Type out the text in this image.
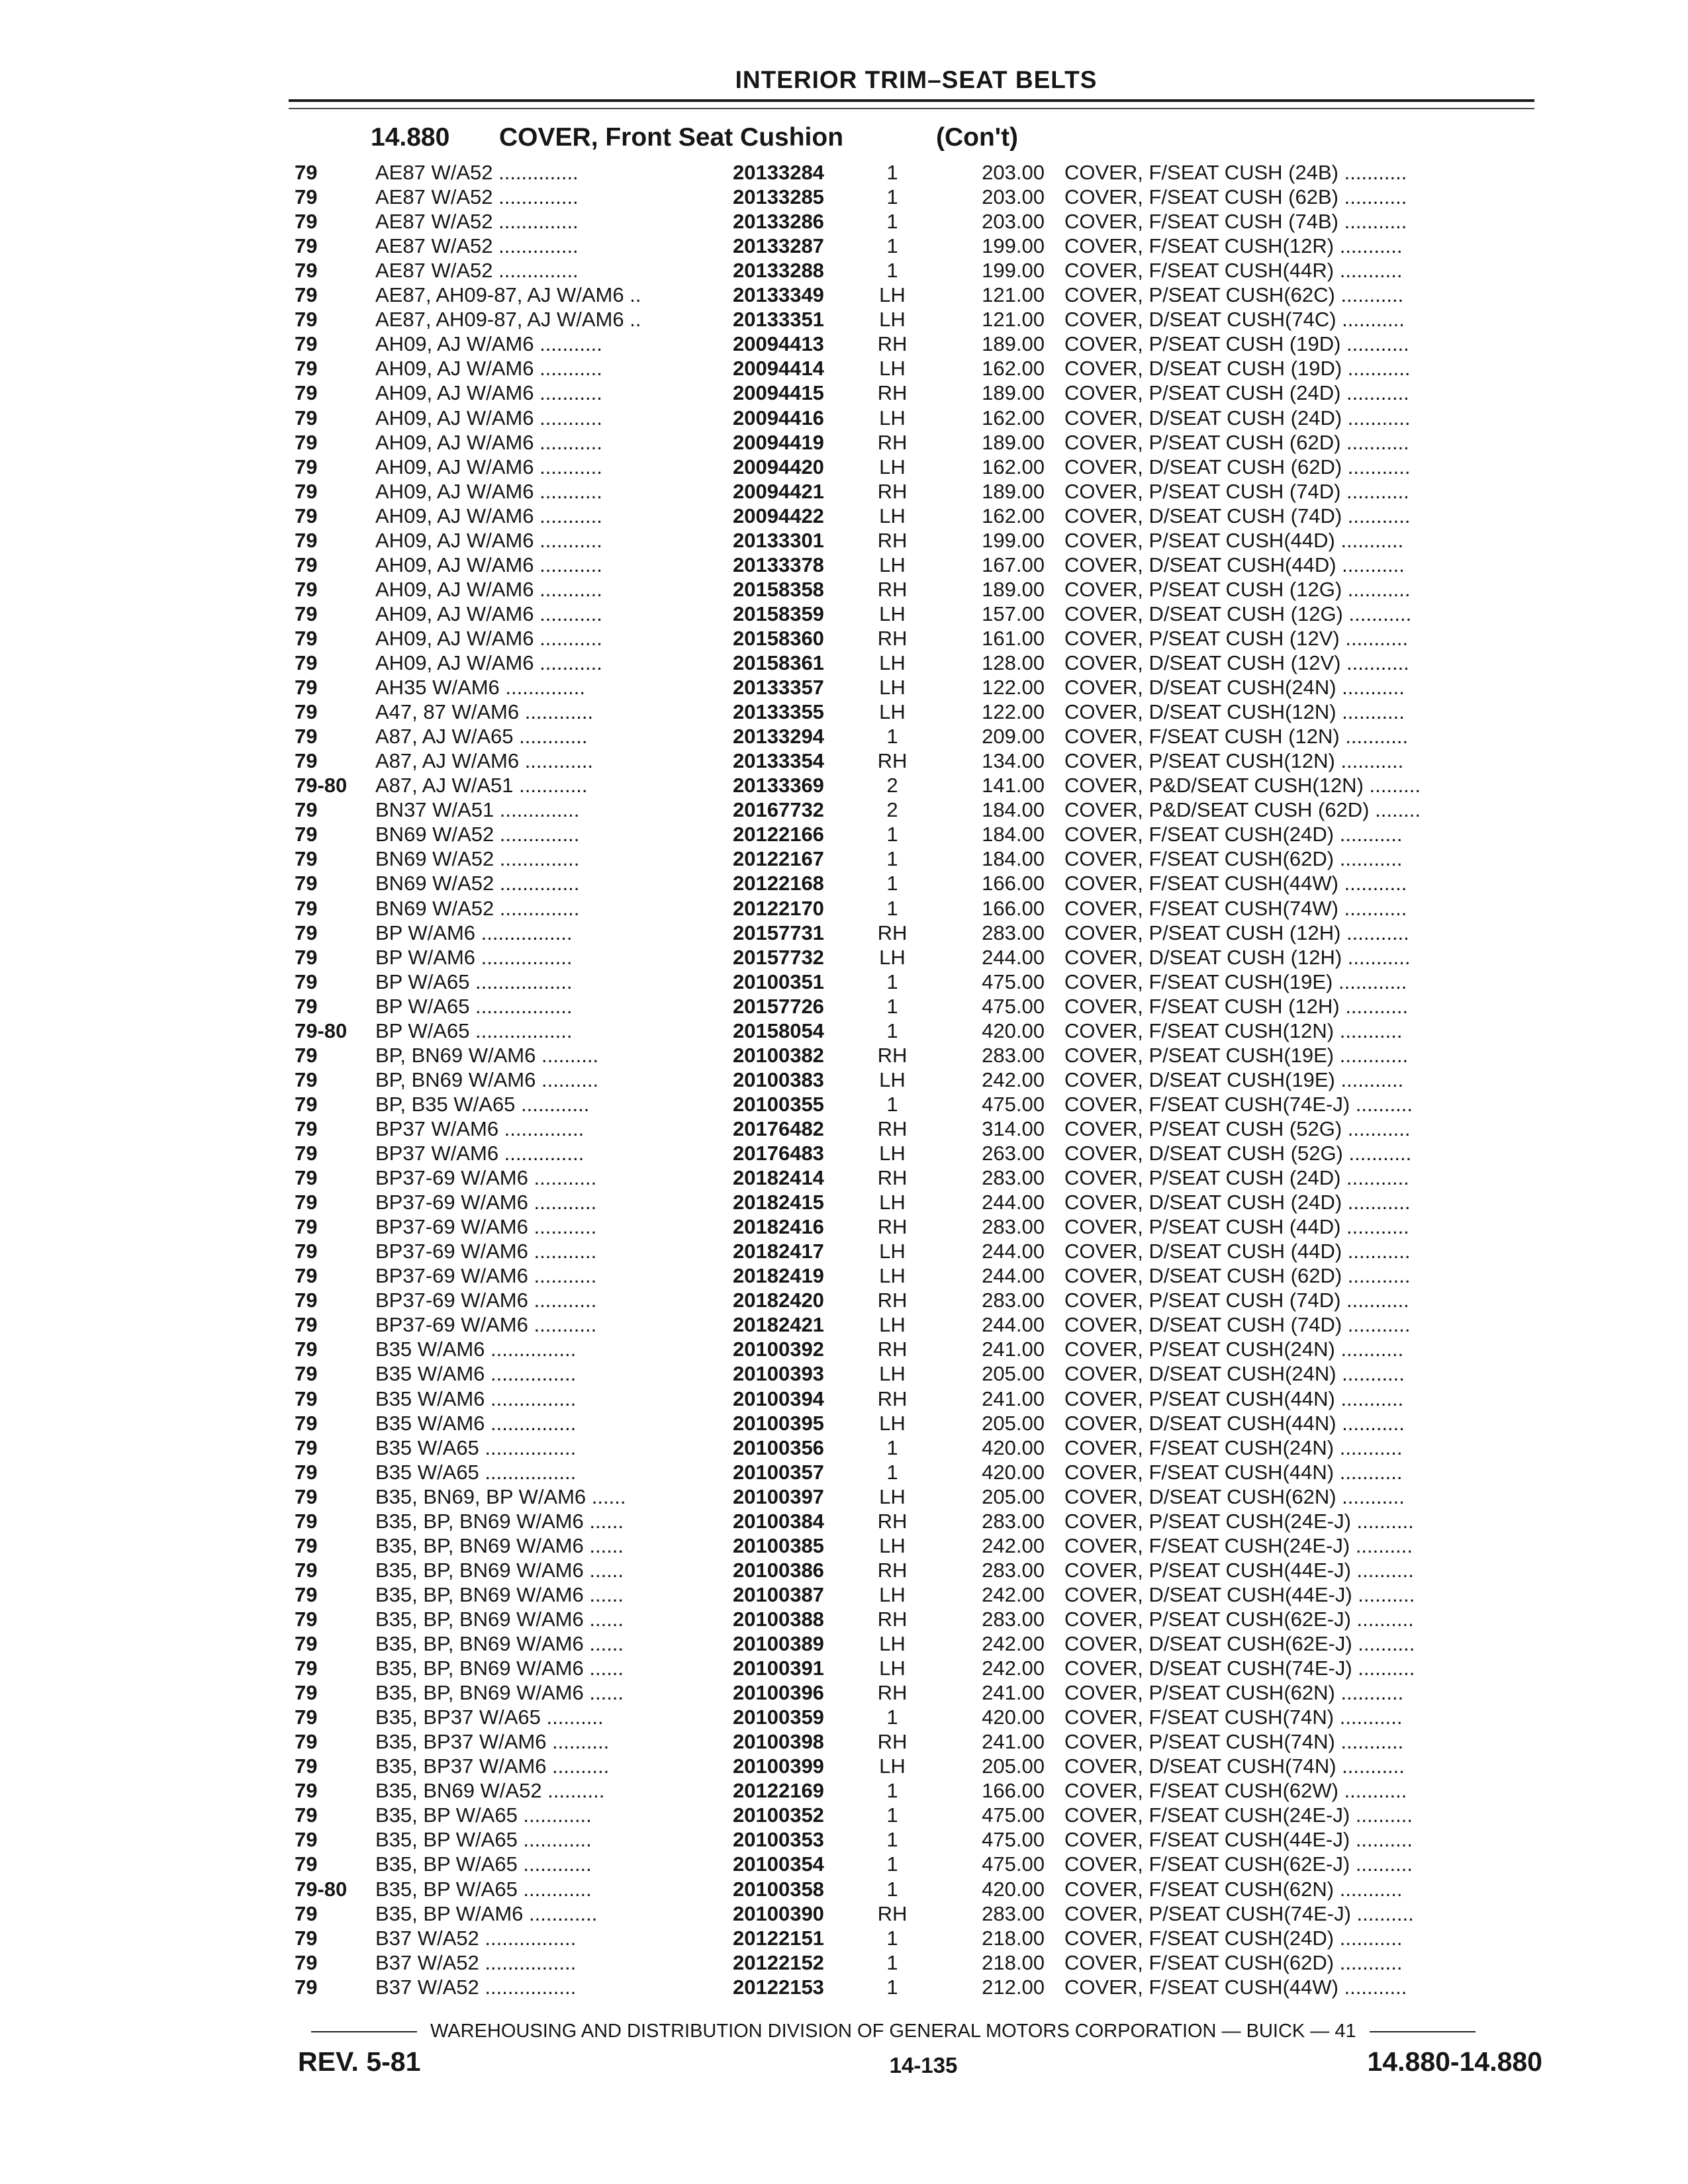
INTERIOR TRIM–SEAT BELTS
14.880 COVER, Front Seat Cushion	(Con't)
79	AE87 W/A52 ..............	20133284	1	203.00 COVER, F/SEAT CUSH (24B) ...........
79	AE87 W/A52 ..............	20133285	1	203.00 COVER, F/SEAT CUSH (62B) ...........
79	AE87 W/A52 ..............	20133286	1	203.00 COVER, F/SEAT CUSH (74B) ...........
79	AE87 W/A52 ..............	20133287	1	199.00 COVER, F/SEAT CUSH(12R) ...........
79	AE87 W/A52 ..............	20133288	1	199.00 COVER, F/SEAT CUSH(44R) ...........
79	AE87, AH09-87, AJ W/AM6 ..	20133349	LH	121.00 COVER, P/SEAT CUSH(62C) ...........
79	AE87, AH09-87, AJ W/AM6 ..	20133351	LH	121.00 COVER, D/SEAT CUSH(74C) ...........
79	AH09, AJ W/AM6 ...........	20094413	RH	189.00 COVER, P/SEAT CUSH (19D) ...........
79	AH09, AJ W/AM6 ...........	20094414	LH	162.00 COVER, D/SEAT CUSH (19D) ...........
79	AH09, AJ W/AM6 ...........	20094415	RH	189.00 COVER, P/SEAT CUSH (24D) ...........
79	AH09, AJ W/AM6 ...........	20094416	LH	162.00 COVER, D/SEAT CUSH (24D) ...........
79	AH09, AJ W/AM6 ...........	20094419	RH	189.00 COVER, P/SEAT CUSH (62D) ...........
79	AH09, AJ W/AM6 ...........	20094420	LH	162.00 COVER, D/SEAT CUSH (62D) ...........
79	AH09, AJ W/AM6 ...........	20094421	RH	189.00 COVER, P/SEAT CUSH (74D) ...........
79	AH09, AJ W/AM6 ...........	20094422	LH	162.00 COVER, D/SEAT CUSH (74D) ...........
79	AH09, AJ W/AM6 ...........	20133301	RH	199.00 COVER, P/SEAT CUSH(44D) ...........
79	AH09, AJ W/AM6 ...........	20133378	LH	167.00 COVER, D/SEAT CUSH(44D) ...........
79	AH09, AJ W/AM6 ...........	20158358	RH	189.00 COVER, P/SEAT CUSH (12G) ...........
79	AH09, AJ W/AM6 ...........	20158359	LH	157.00 COVER, D/SEAT CUSH (12G) ...........
79	AH09, AJ W/AM6 ...........	20158360	RH	161.00 COVER, P/SEAT CUSH (12V) ...........
79	AH09, AJ W/AM6 ...........	20158361	LH	128.00 COVER, D/SEAT CUSH (12V) ...........
79	AH35 W/AM6 ..............	20133357	LH	122.00 COVER, D/SEAT CUSH(24N) ...........
79	A47, 87 W/AM6 ............	20133355	LH	122.00 COVER, D/SEAT CUSH(12N) ...........
79	A87, AJ W/A65 ............	20133294	1	209.00 COVER, F/SEAT CUSH (12N) ...........
79	A87, AJ W/AM6 ............	20133354	RH	134.00 COVER, P/SEAT CUSH(12N) ...........
79-80 A87, AJ W/A51 ............	20133369	2	141.00 COVER, P&D/SEAT CUSH(12N) .........
79	BN37 W/A51 ..............	20167732	2	184.00 COVER, P&D/SEAT CUSH (62D) ........
79	BN69 W/A52 ..............	20122166	1	184.00 COVER, F/SEAT CUSH(24D) ...........
79	BN69 W/A52 ..............	20122167	1	184.00 COVER, F/SEAT CUSH(62D) ...........
79	BN69 W/A52 ..............	20122168	1	166.00 COVER, F/SEAT CUSH(44W) ...........
79	BN69 W/A52 ..............	20122170	1	166.00 COVER, F/SEAT CUSH(74W) ...........
79	BP W/AM6 ................	20157731	RH	283.00 COVER, P/SEAT CUSH (12H) ...........
79	BP W/AM6 ................	20157732	LH	244.00 COVER, D/SEAT CUSH (12H) ...........
79	BP W/A65 .................	20100351	1	475.00 COVER, F/SEAT CUSH(19E) ............
79	BP W/A65 .................	20157726	1	475.00 COVER, F/SEAT CUSH (12H) ...........
79-80 BP W/A65 .................	20158054	1	420.00 COVER, F/SEAT CUSH(12N) ...........
79	BP, BN69 W/AM6 ..........	20100382	RH	283.00 COVER, P/SEAT CUSH(19E) ............
79	BP, BN69 W/AM6 ..........	20100383	LH	242.00 COVER, D/SEAT CUSH(19E) ...........
79	BP, B35 W/A65 ............	20100355	1	475.00 COVER, F/SEAT CUSH(74E-J) ..........
79	BP37 W/AM6 ..............	20176482	RH	314.00 COVER, P/SEAT CUSH (52G) ...........
79	BP37 W/AM6 ..............	20176483	LH	263.00 COVER, D/SEAT CUSH (52G) ...........
79	BP37-69 W/AM6 ...........	20182414	RH	283.00 COVER, P/SEAT CUSH (24D) ...........
79	BP37-69 W/AM6 ...........	20182415	LH	244.00 COVER, D/SEAT CUSH (24D) ...........
79	BP37-69 W/AM6 ...........	20182416	RH	283.00 COVER, P/SEAT CUSH (44D) ...........
79	BP37-69 W/AM6 ...........	20182417	LH	244.00 COVER, D/SEAT CUSH (44D) ...........
79	BP37-69 W/AM6 ...........	20182419	LH	244.00 COVER, D/SEAT CUSH (62D) ...........
79	BP37-69 W/AM6 ...........	20182420	RH	283.00 COVER, P/SEAT CUSH (74D) ...........
79	BP37-69 W/AM6 ...........	20182421	LH	244.00 COVER, D/SEAT CUSH (74D) ...........
79	B35 W/AM6 ...............	20100392	RH	241.00 COVER, P/SEAT CUSH(24N) ...........
79	B35 W/AM6 ...............	20100393	LH	205.00 COVER, D/SEAT CUSH(24N) ...........
79	B35 W/AM6 ...............	20100394	RH	241.00 COVER, P/SEAT CUSH(44N) ...........
79	B35 W/AM6 ...............	20100395	LH	205.00 COVER, D/SEAT CUSH(44N) ...........
79	B35 W/A65 ................	20100356	1	420.00 COVER, F/SEAT CUSH(24N) ...........
79	B35 W/A65 ................	20100357	1	420.00 COVER, F/SEAT CUSH(44N) ...........
79	B35, BN69, BP W/AM6 ......	20100397	LH	205.00 COVER, D/SEAT CUSH(62N) ...........
79	B35, BP, BN69 W/AM6 ......	20100384	RH	283.00 COVER, P/SEAT CUSH(24E-J) ..........
79	B35, BP, BN69 W/AM6 ......	20100385	LH	242.00 COVER, F/SEAT CUSH(24E-J) ..........
79	B35, BP, BN69 W/AM6 ......	20100386	RH	283.00 COVER, P/SEAT CUSH(44E-J) ..........
79	B35, BP, BN69 W/AM6 ......	20100387	LH	242.00 COVER, D/SEAT CUSH(44E-J) ..........
79	B35, BP, BN69 W/AM6 ......	20100388	RH	283.00 COVER, P/SEAT CUSH(62E-J) ..........
79	B35, BP, BN69 W/AM6 ......	20100389	LH	242.00 COVER, D/SEAT CUSH(62E-J) ..........
79	B35, BP, BN69 W/AM6 ......	20100391	LH	242.00 COVER, D/SEAT CUSH(74E-J) ..........
79	B35, BP, BN69 W/AM6 ......	20100396	RH	241.00 COVER, P/SEAT CUSH(62N) ...........
79	B35, BP37 W/A65 ..........	20100359	1	420.00 COVER, F/SEAT CUSH(74N) ...........
79	B35, BP37 W/AM6 ..........	20100398	RH	241.00 COVER, P/SEAT CUSH(74N) ...........
79	B35, BP37 W/AM6 ..........	20100399	LH	205.00 COVER, D/SEAT CUSH(74N) ...........
79	B35, BN69 W/A52 ..........	20122169	1	166.00 COVER, F/SEAT CUSH(62W) ...........
79	B35, BP W/A65 ............	20100352	1	475.00 COVER, F/SEAT CUSH(24E-J) ..........
79	B35, BP W/A65 ............	20100353	1	475.00 COVER, F/SEAT CUSH(44E-J) ..........
79	B35, BP W/A65 ............	20100354	1	475.00 COVER, F/SEAT CUSH(62E-J) ..........
79-80 B35, BP W/A65 ............	20100358	1	420.00 COVER, F/SEAT CUSH(62N) ...........
79	B35, BP W/AM6 ............	20100390	RH	283.00 COVER, P/SEAT CUSH(74E-J) ..........
79	B37 W/A52 ................	20122151	1	218.00 COVER, F/SEAT CUSH(24D) ...........
79	B37 W/A52 ................	20122152	1	218.00 COVER, F/SEAT CUSH(62D) ...........
79	B37 W/A52 ................	20122153	1	212.00 COVER, F/SEAT CUSH(44W) ...........
WAREHOUSING AND DISTRIBUTION DIVISION OF GENERAL MOTORS CORPORATION — BUICK — 41
REV. 5-81	14-135	14.880-14.880
